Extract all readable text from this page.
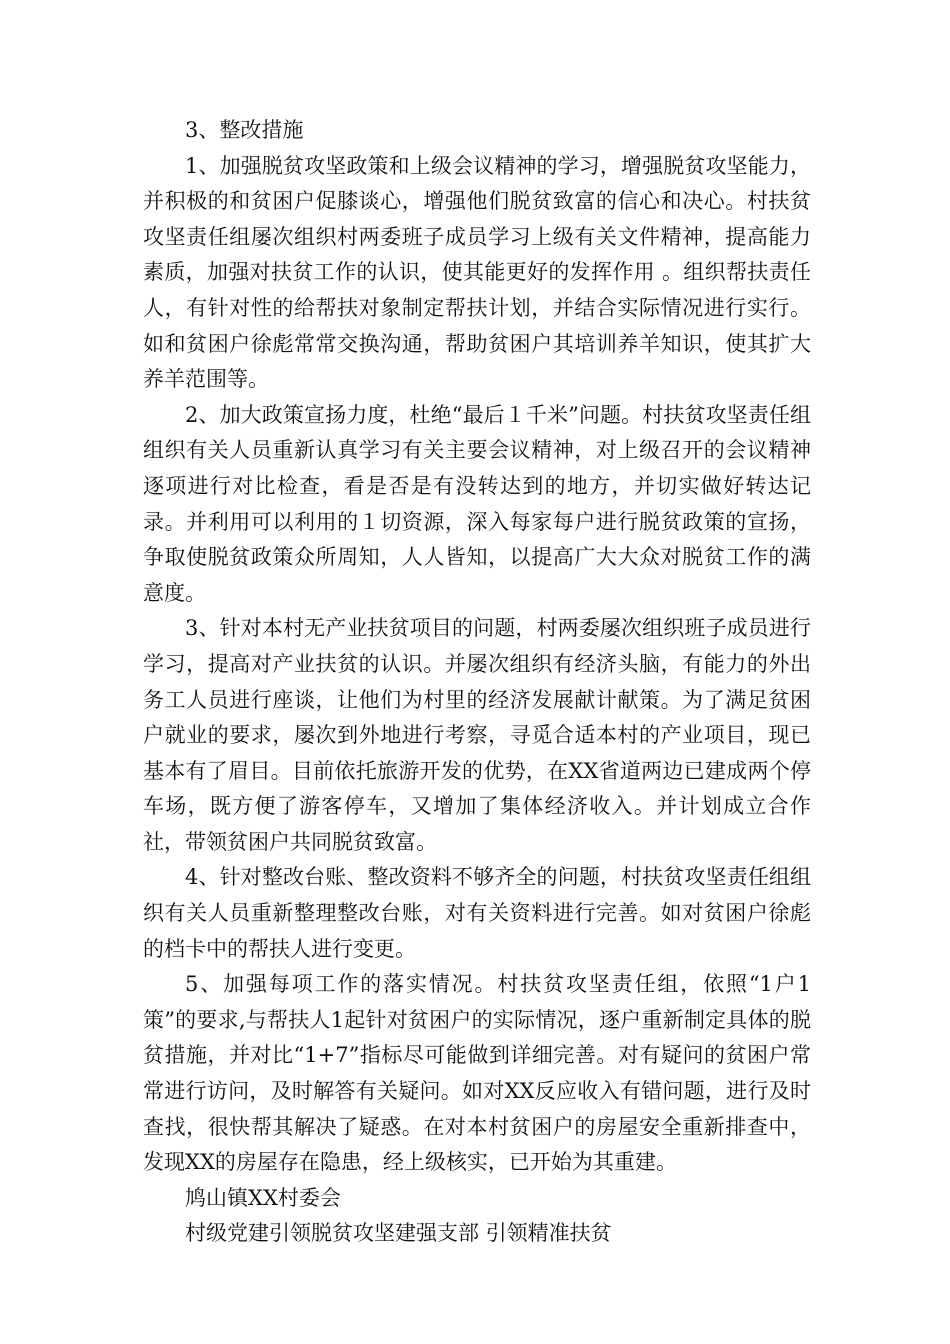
3、整改措施

1、加强脱贫攻坚政策和上级会议精神的学习，增强脱贫攻坚能力，并积极的和贫困户促膝谈心，增强他们脱贫致富的信心和决心。村扶贫攻坚责任组屡次组织村两委班子成员学习上级有关文件精神，提高能力素质，加强对扶贫工作的认识，使其能更好的发挥作用 。组织帮扶责任人，有针对性的给帮扶对象制定帮扶计划，并结合实际情况进行实行。如和贫困户徐彪常常交换沟通，帮助贫困户其培训养羊知识，使其扩大养羊范围等。

2、加大政策宣扬力度，杜绝“最后１千米”问题。村扶贫攻坚责任组组织有关人员重新认真学习有关主要会议精神，对上级召开的会议精神逐项进行对比检查，看是否是有没转达到的地方，并切实做好转达记录。并利用可以利用的１切资源，深入每家每户进行脱贫政策的宣扬，争取使脱贫政策众所周知，人人皆知，以提高广大大众对脱贫工作的满意度。

3、针对本村无产业扶贫项目的问题，村两委屡次组织班子成员进行学习，提高对产业扶贫的认识。并屡次组织有经济头脑，有能力的外出务工人员进行座谈，让他们为村里的经济发展献计献策。为了满足贫困户就业的要求，屡次到外地进行考察，寻觅合适本村的产业项目，现已基本有了眉目。目前依托旅游开发的优势，在XX省道两边已建成两个停车场，既方便了游客停车，又增加了集体经济收入。并计划成立合作社，带领贫困户共同脱贫致富。

4、针对整改台账、整改资料不够齐全的问题，村扶贫攻坚责任组组织有关人员重新整理整改台账，对有关资料进行完善。如对贫困户徐彪的档卡中的帮扶人进行变更。

5、加强每项工作的落实情况。村扶贫攻坚责任组，依照“1户1策”的要求,与帮扶人1起针对贫困户的实际情况，逐户重新制定具体的脱贫措施，并对比“1+7”指标尽可能做到详细完善。对有疑问的贫困户常常进行访问，及时解答有关疑问。如对XX反应收入有错问题，进行及时查找，很快帮其解决了疑惑。在对本村贫困户的房屋安全重新排查中，发现XX的房屋存在隐患，经上级核实，已开始为其重建。

鸠山镇XX村委会

村级党建引领脱贫攻坚建强支部 引领精准扶贫
